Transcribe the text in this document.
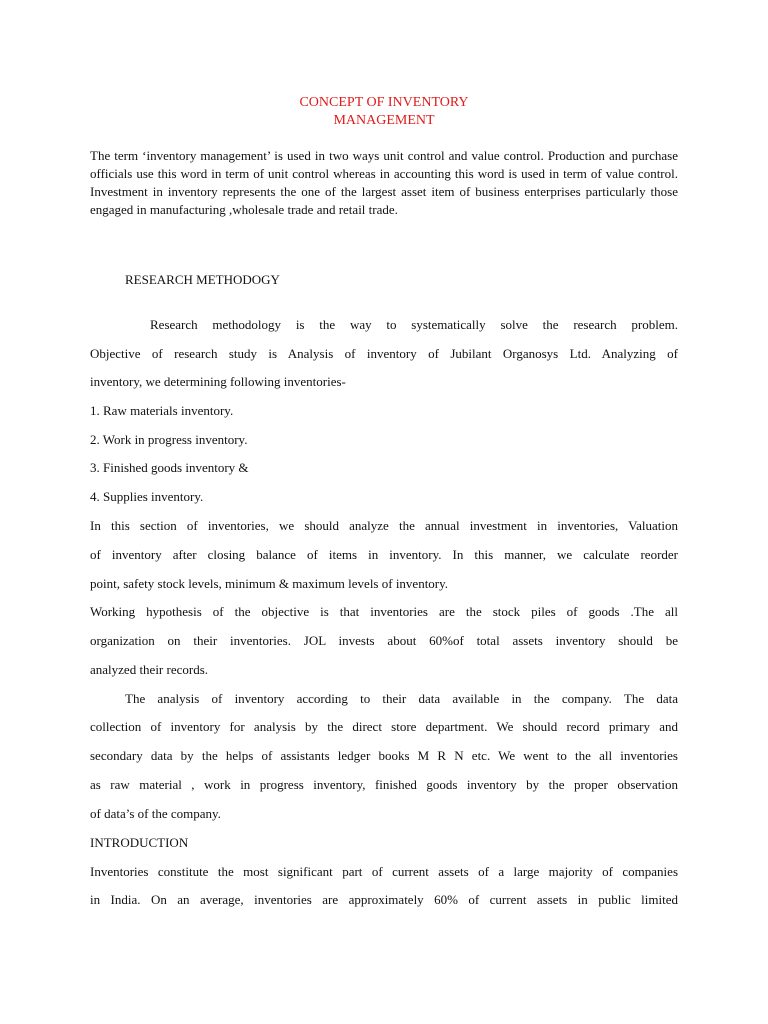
CONCEPT OF INVENTORY
MANAGEMENT

The term ‘inventory management’ is used in two ways unit control and value control. Production and purchase officials use this word in term of unit control whereas in accounting this word is used in term of value control. Investment in inventory represents the one of the largest asset item of business enterprises particularly those engaged in manufacturing ,wholesale trade and retail trade.

RESEARCH METHODOGY
Research methodology is the way to systematically solve the research problem.
Objective of research study is Analysis of inventory of Jubilant Organosys Ltd. Analyzing of
inventory, we determining following inventories-
1. Raw materials inventory.
2. Work in progress inventory.
3. Finished goods inventory &
4. Supplies inventory.
In this section of inventories, we should analyze the annual investment in inventories, Valuation
of inventory after closing balance of items in inventory. In this manner, we calculate reorder
point, safety stock levels, minimum & maximum levels of inventory.
Working hypothesis of the objective is that inventories are the stock piles of goods .The all
organization on their inventories. JOL invests about 60%of total assets inventory should be
analyzed their records.
The analysis of inventory according to their data available in the company. The data
collection of inventory for analysis by the direct store department. We should record primary and
secondary data by the helps of assistants ledger books M R N etc. We went to the all inventories
as raw material , work in progress inventory, finished goods inventory by the proper observation
of data’s of the company.
INTRODUCTION
Inventories constitute the most significant part of current assets of a large majority of companies
in India. On an average, inventories are approximately 60% of current assets in public limited
